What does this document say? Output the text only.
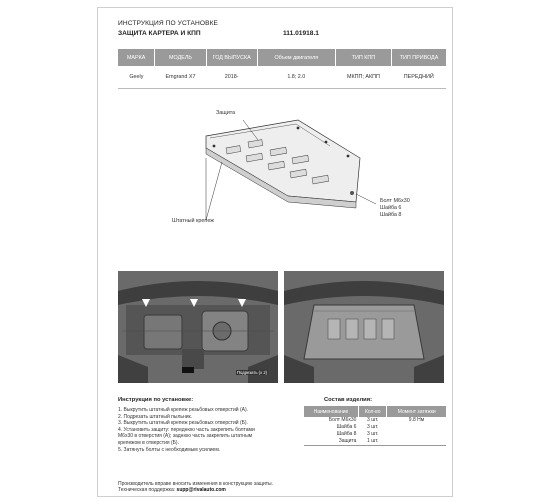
ИНСТРУКЦИЯ ПО УСТАНОВКЕ
ЗАЩИТА КАРТЕРА И КПП	111.01918.1
МАРКА	МОДЕЛЬ	ГОД ВЫПУСКА	Объем двигателя	ТИП КПП	ТИП ПРИВОДА
Geely	Emgrand X7	2018-	1.8; 2.0	МКПП; АКПП	ПЕРЕДНИЙ
Защита
Штатный крепеж
Болт М6х30
Шайба 6
Шайба 8
Подрезать (х 2)
Инструкция по установке:
1. Выкрутить штатный крепеж резьбовых отверстий (А).
2. Подрезать штатный пыльник.
3. Выкрутить штатный крепеж резьбовых отверстий (Б).
4. Установить защиту: переднюю часть закрепить болтами
М6х30 в отверстия (А); заднюю часть закрепить штатным
крепежом в отверстия (Б).
5. Затянуть болты с необходимым усилием.
Состав изделия:
Наименование	Кол-во	Момент затяжки
Болт М6х30	3 шт.	9.8 Нм
Шайба 6	3 шт.	
Шайба 8	3 шт.	
Защита	1 шт.	
Производитель вправе вносить изменения в конструкцию защиты.
Техническая поддержка: supp@rivalauto.com
